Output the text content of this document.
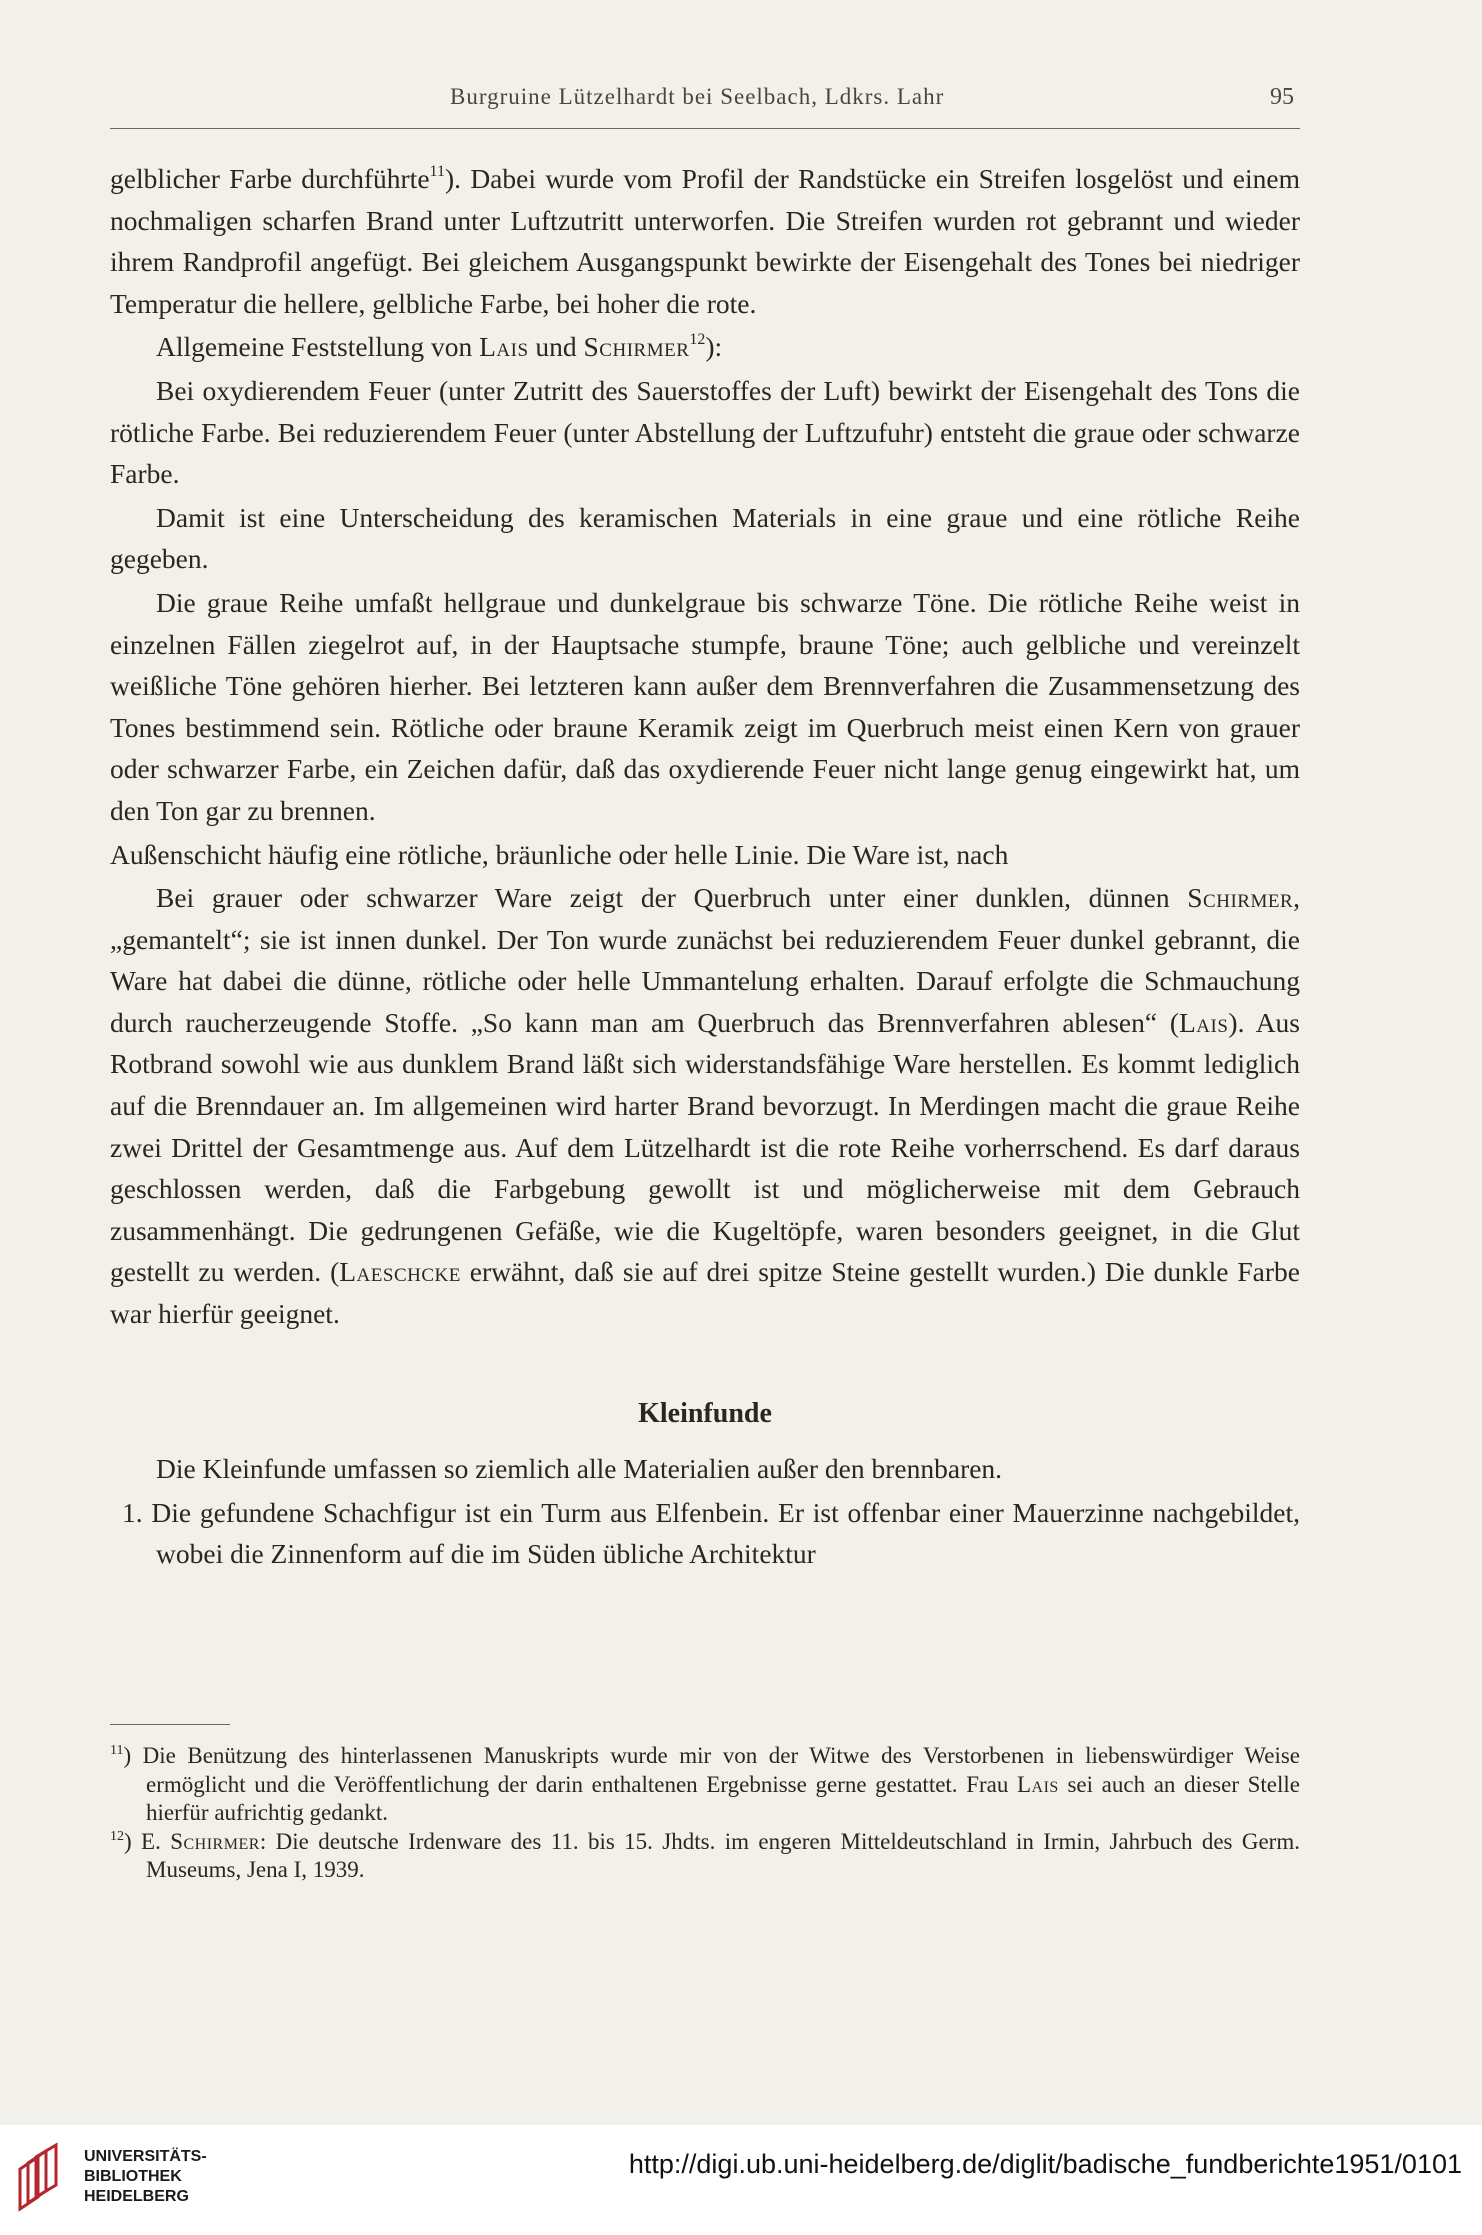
Burgruine Lützelhardt bei Seelbach, Ldkrs. Lahr	95

gelblicher Farbe durchführte$^{11}$). Dabei wurde vom Profil der Randstücke ein Streifen losgelöst und einem nochmaligen scharfen Brand unter Luftzutritt unterworfen. Die Streifen wurden rot gebrannt und wieder ihrem Randprofil angefügt. Bei gleichem Ausgangspunkt bewirkte der Eisengehalt des Tones bei niedriger Temperatur die hellere, gelbliche Farbe, bei hoher die rote.

Allgemeine Feststellung von Lais und Schirmer$^{12}$):

Bei oxydierendem Feuer (unter Zutritt des Sauerstoffes der Luft) bewirkt der Eisengehalt des Tons die rötliche Farbe. Bei reduzierendem Feuer (unter Abstellung der Luftzufuhr) entsteht die graue oder schwarze Farbe.

Damit ist eine Unterscheidung des keramischen Materials in eine graue und eine rötliche Reihe gegeben.

Die graue Reihe umfaßt hellgraue und dunkelgraue bis schwarze Töne. Die rötliche Reihe weist in einzelnen Fällen ziegelrot auf, in der Hauptsache stumpfe, braune Töne; auch gelbliche und vereinzelt weißliche Töne gehören hierher. Bei letzteren kann außer dem Brennverfahren die Zusammensetzung des Tones bestimmend sein. Rötliche oder braune Keramik zeigt im Querbruch meist einen Kern von grauer oder schwarzer Farbe, ein Zeichen dafür, daß das oxydierende Feuer nicht lange genug eingewirkt hat, um den Ton gar zu brennen.

Außenschicht häufig eine rötliche, bräunliche oder helle Linie. Die Ware ist, nach

Bei grauer oder schwarzer Ware zeigt der Querbruch unter einer dunklen, dünnen Schirmer, „gemantelt“; sie ist innen dunkel. Der Ton wurde zunächst bei reduzierendem Feuer dunkel gebrannt, die Ware hat dabei die dünne, rötliche oder helle Ummantelung erhalten. Darauf erfolgte die Schmauchung durch raucherzeugende Stoffe. „So kann man am Querbruch das Brennverfahren ablesen“ (Lais). Aus Rotbrand sowohl wie aus dunklem Brand läßt sich widerstandsfähige Ware herstellen. Es kommt lediglich auf die Brenndauer an. Im allgemeinen wird harter Brand bevorzugt. In Merdingen macht die graue Reihe zwei Drittel der Gesamtmenge aus. Auf dem Lützelhardt ist die rote Reihe vorherrschend. Es darf daraus geschlossen werden, daß die Farbgebung gewollt ist und möglicherweise mit dem Gebrauch zusammenhängt. Die gedrungenen Gefäße, wie die Kugeltöpfe, waren besonders geeignet, in die Glut gestellt zu werden. (Laeschcke erwähnt, daß sie auf drei spitze Steine gestellt wurden.) Die dunkle Farbe war hierfür geeignet.

Kleinfunde

Die Kleinfunde umfassen so ziemlich alle Materialien außer den brennbaren.

1. Die gefundene Schachfigur ist ein Turm aus Elfenbein. Er ist offenbar einer Mauerzinne nachgebildet, wobei die Zinnenform auf die im Süden übliche Architektur

$^{11}$) Die Benützung des hinterlassenen Manuskripts wurde mir von der Witwe des Verstorbenen in liebenswürdiger Weise ermöglicht und die Veröffentlichung der darin enthaltenen Ergebnisse gerne gestattet. Frau Lais sei auch an dieser Stelle hierfür aufrichtig gedankt.

$^{12}$) E. Schirmer: Die deutsche Irdenware des 11. bis 15. Jhdts. im engeren Mitteldeutschland in Irmin, Jahrbuch des Germ. Museums, Jena I, 1939.

UNIVERSITÄTS-
BIBLIOTHEK
HEIDELBERG
http://digi.ub.uni-heidelberg.de/diglit/badische_fundberichte1951/0101
